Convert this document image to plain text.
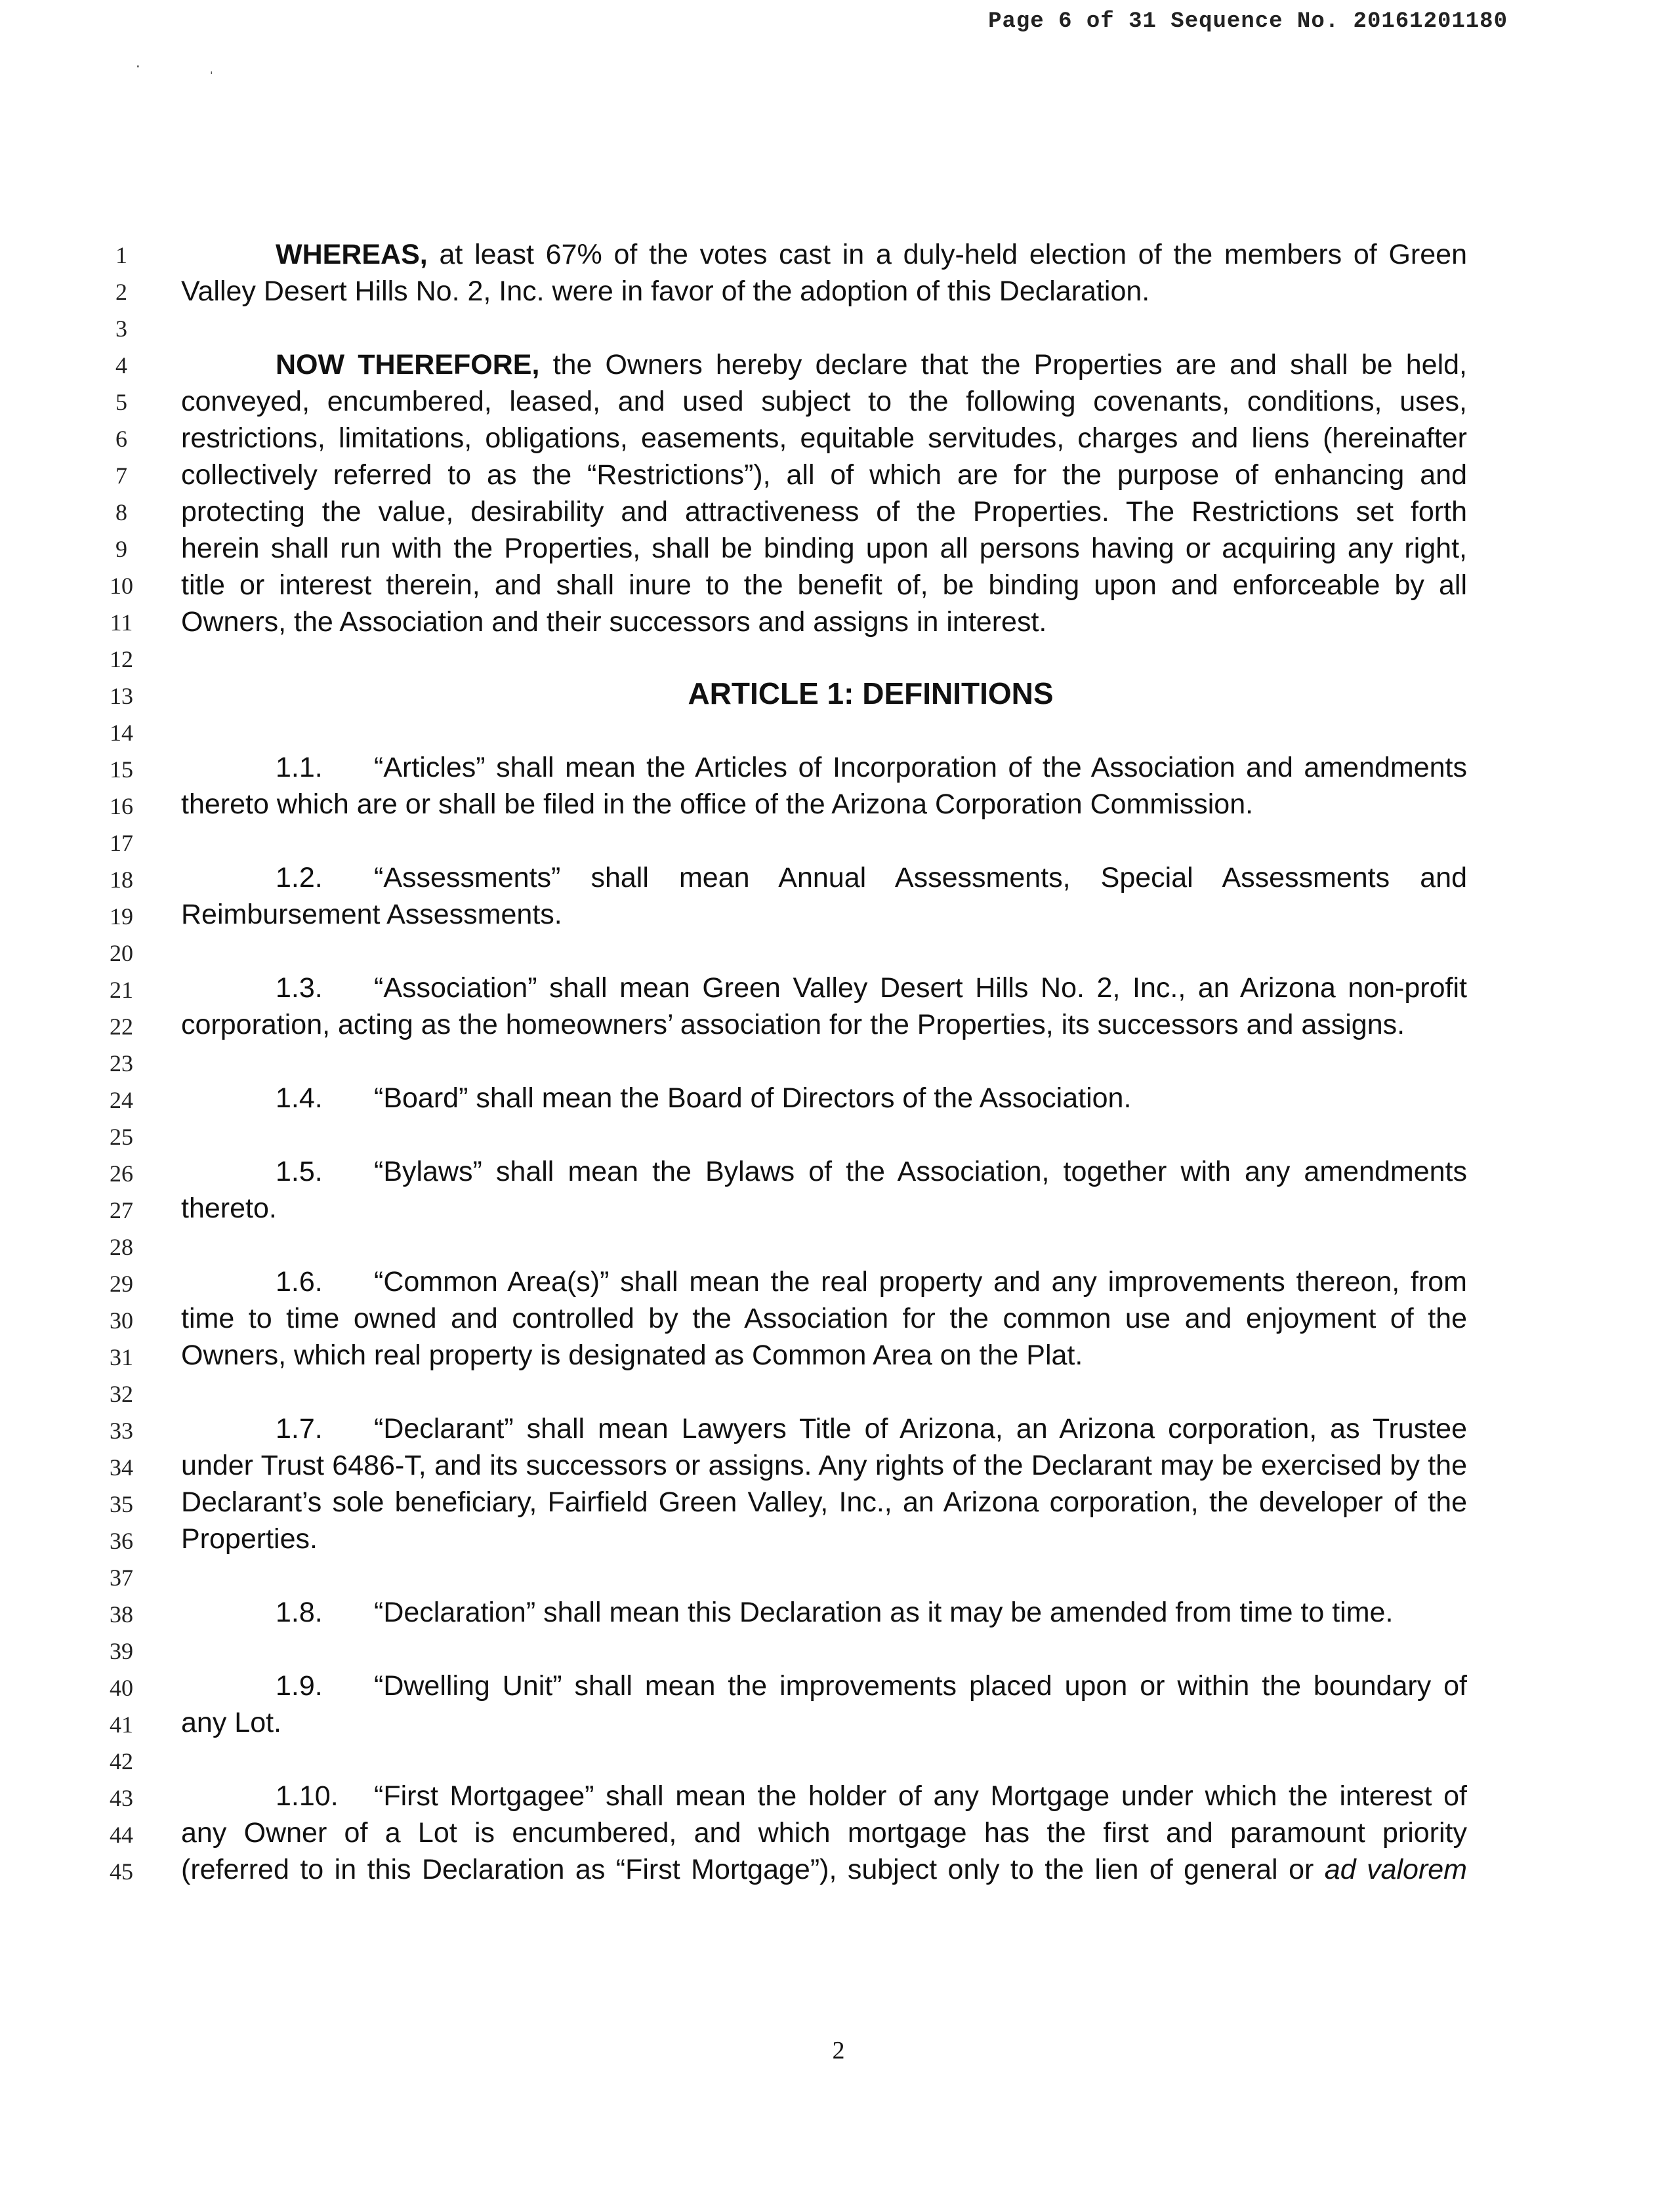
Page 6 of 31 Sequence No. 20161201180
·	ˌ
1
2
3
4
5
6
7
8
9
10
11
12
13
14
15
16
17
18
19
20
21
22
23
24
25
26
27
28
29
30
31
32
33
34
35
36
37
38
39
40
41
42
43
44
45
WHEREAS, at least 67% of the votes cast in a duly-held election of the members of Green
Valley Desert Hills No. 2, Inc. were in favor of the adoption of this Declaration.
NOW THEREFORE, the Owners hereby declare that the Properties are and shall be held,
conveyed, encumbered, leased, and used subject to the following covenants, conditions, uses,
restrictions, limitations, obligations, easements, equitable servitudes, charges and liens (hereinafter
collectively referred to as the “Restrictions”), all of which are for the purpose of enhancing and
protecting the value, desirability and attractiveness of the Properties. The Restrictions set forth
herein shall run with the Properties, shall be binding upon all persons having or acquiring any right,
title or interest therein, and shall inure to the benefit of, be binding upon and enforceable by all
Owners, the Association and their successors and assigns in interest.
ARTICLE 1: DEFINITIONS
1.1. “Articles” shall mean the Articles of Incorporation of the Association and amendments
thereto which are or shall be filed in the office of the Arizona Corporation Commission.
1.2. “Assessments” shall mean Annual Assessments, Special Assessments and
Reimbursement Assessments.
1.3. “Association” shall mean Green Valley Desert Hills No. 2, Inc., an Arizona non-profit
corporation, acting as the homeowners’ association for the Properties, its successors and assigns.
1.4. “Board” shall mean the Board of Directors of the Association.
1.5. “Bylaws” shall mean the Bylaws of the Association, together with any amendments
thereto.
1.6. “Common Area(s)” shall mean the real property and any improvements thereon, from
time to time owned and controlled by the Association for the common use and enjoyment of the
Owners, which real property is designated as Common Area on the Plat.
1.7. “Declarant” shall mean Lawyers Title of Arizona, an Arizona corporation, as Trustee
under Trust 6486-T, and its successors or assigns. Any rights of the Declarant may be exercised by the
Declarant’s sole beneficiary, Fairfield Green Valley, Inc., an Arizona corporation, the developer of the
Properties.
1.8. “Declaration” shall mean this Declaration as it may be amended from time to time.
1.9. “Dwelling Unit” shall mean the improvements placed upon or within the boundary of
any Lot.
1.10. “First Mortgagee” shall mean the holder of any Mortgage under which the interest of
any Owner of a Lot is encumbered, and which mortgage has the first and paramount priority
(referred to in this Declaration as “First Mortgage”), subject only to the lien of general or ad valorem
2
